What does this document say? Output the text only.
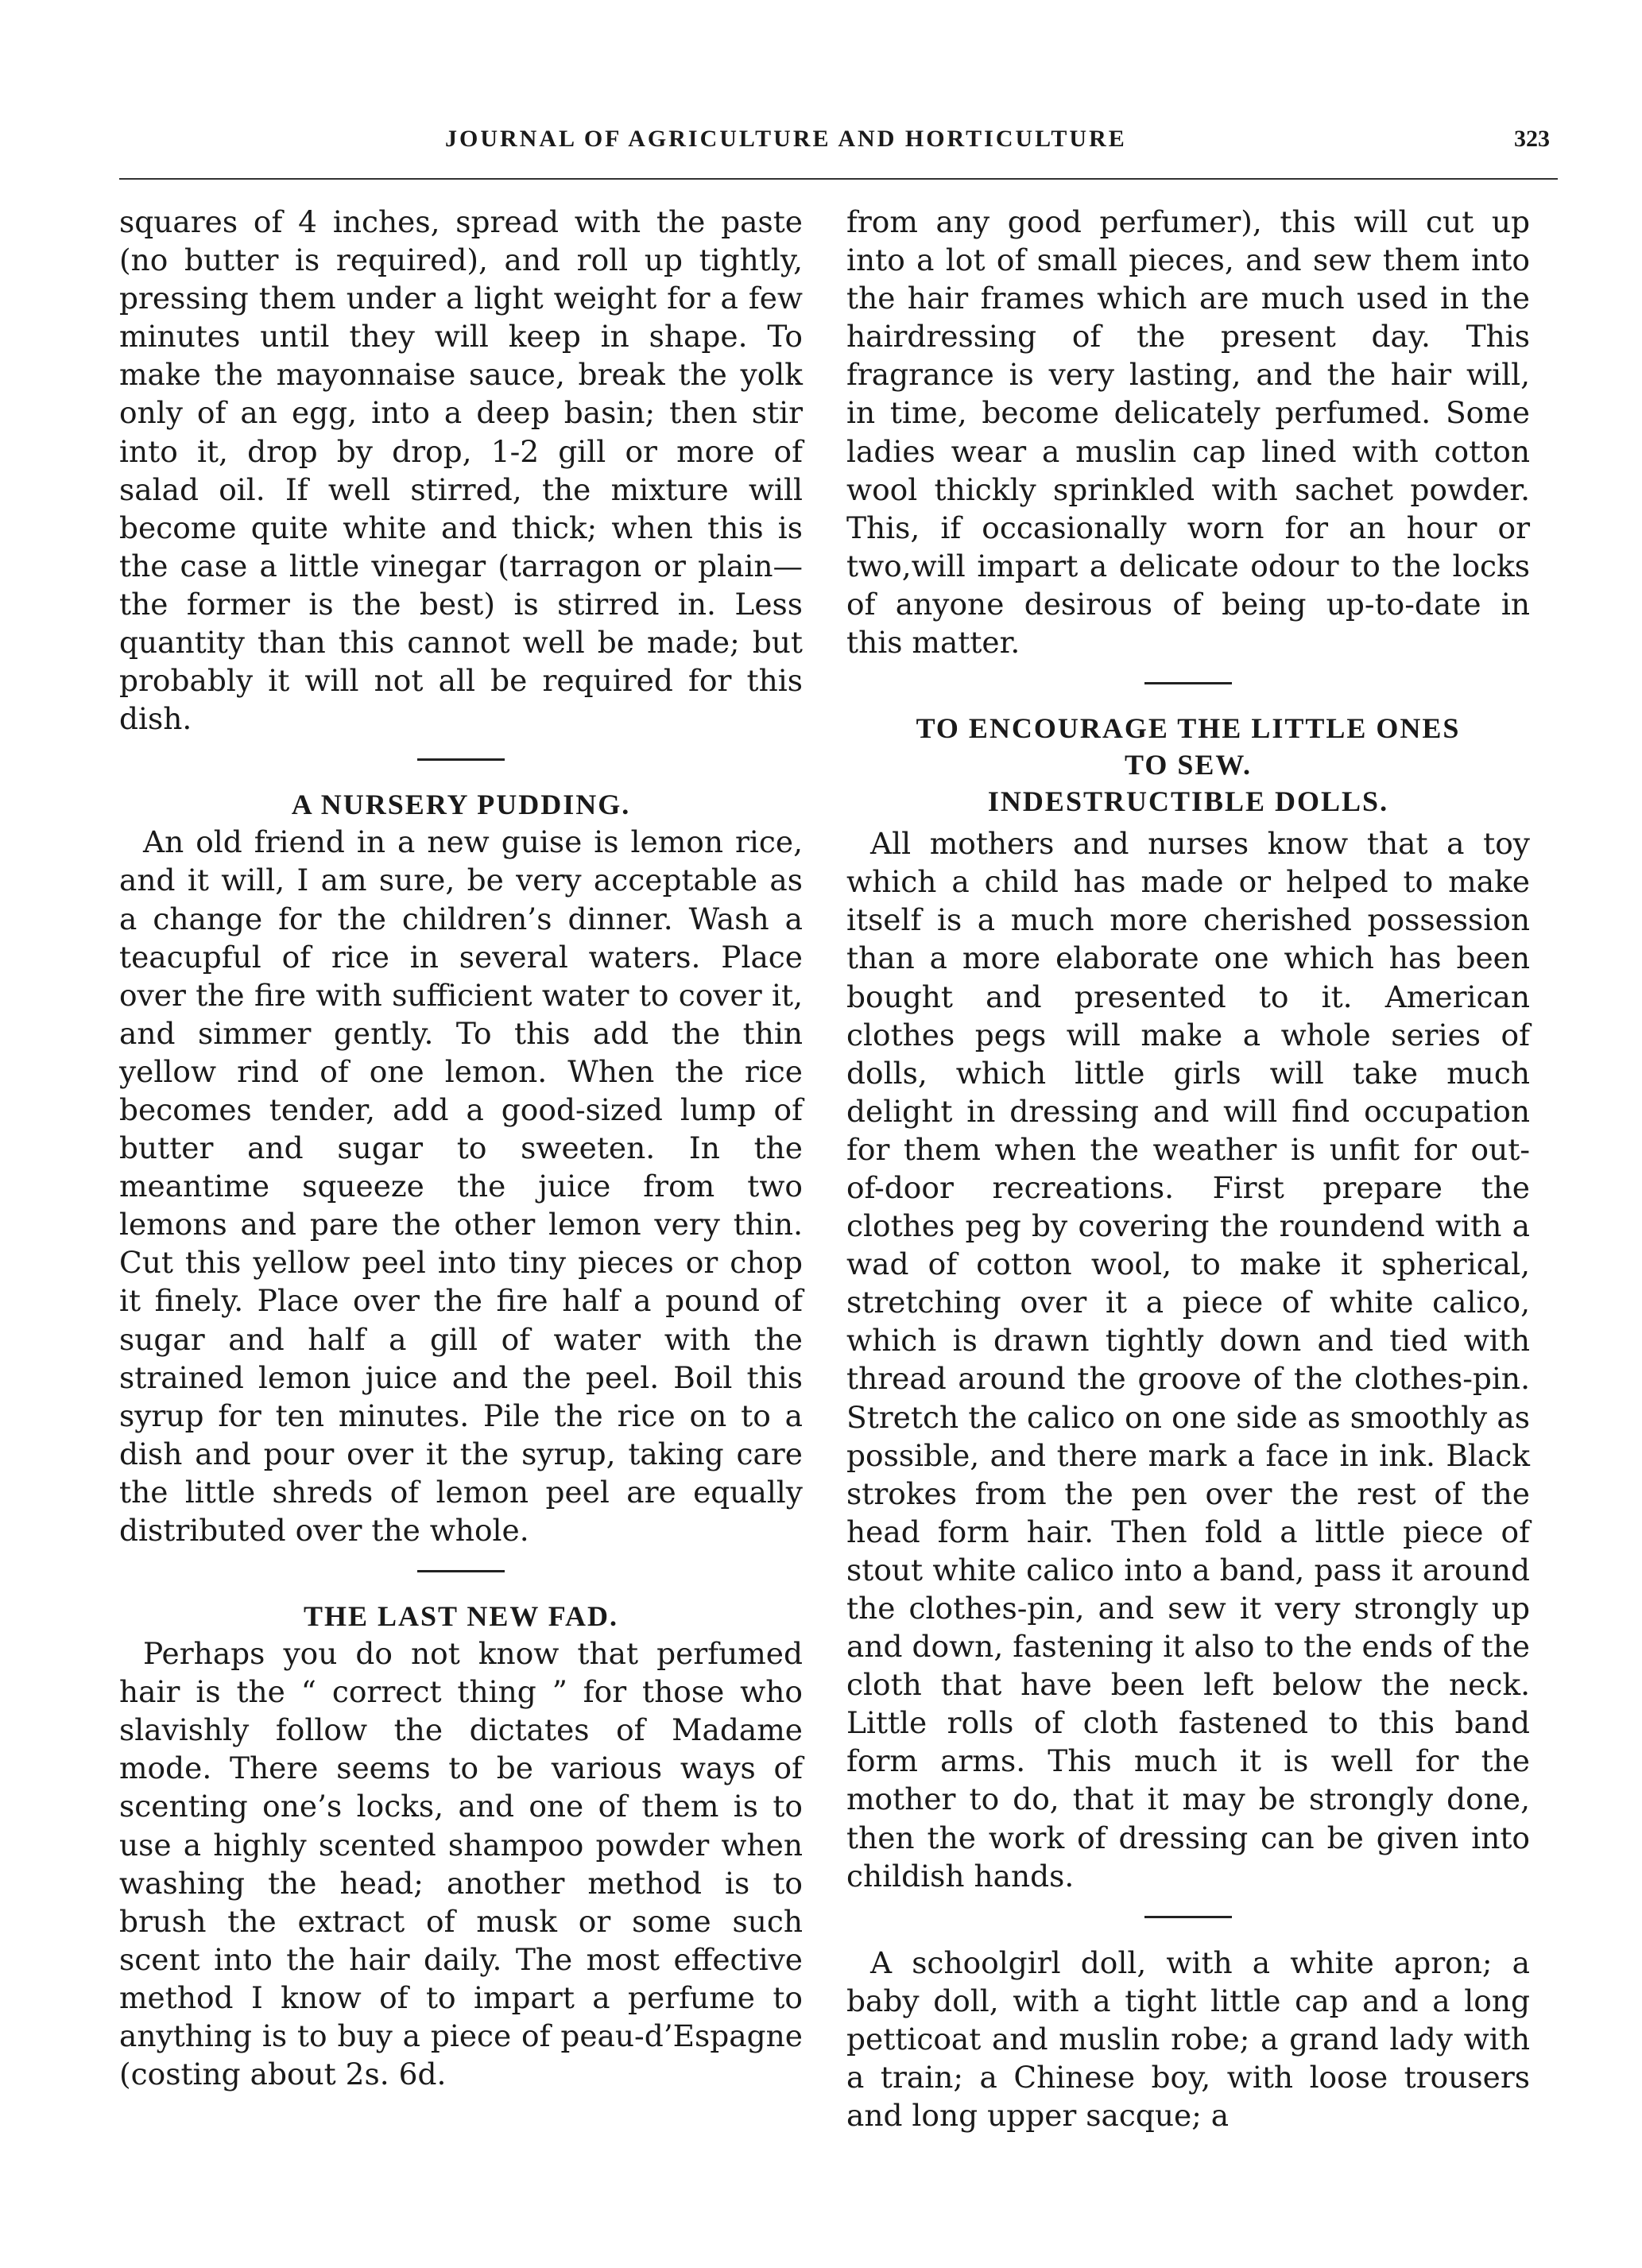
JOURNAL OF AGRICULTURE AND HORTICULTURE	323

squares of 4 inches, spread with the paste (no butter is required), and roll up tightly, pressing them under a light weight for a few minutes until they will keep in shape. To make the mayonnaise sauce, break the yolk only of an egg, into a deep basin; then stir into it, drop by drop, 1-2 gill or more of salad oil. If well stirred, the mixture will become quite white and thick; when this is the case a little vinegar (tarragon or plain—the former is the best) is stirred in. Less quantity than this cannot well be made; but probably it will not all be required for this dish.

A NURSERY PUDDING.

An old friend in a new guise is lemon rice, and it will, I am sure, be very acceptable as a change for the children’s dinner. Wash a teacupful of rice in several waters. Place over the fire with sufficient water to cover it, and simmer gently. To this add the thin yellow rind of one lemon. When the rice becomes tender, add a good-sized lump of butter and sugar to sweeten. In the meantime squeeze the juice from two lemons and pare the other lemon very thin. Cut this yellow peel into tiny pieces or chop it finely. Place over the fire half a pound of sugar and half a gill of water with the strained lemon juice and the peel. Boil this syrup for ten minutes. Pile the rice on to a dish and pour over it the syrup, taking care the little shreds of lemon peel are equally distributed over the whole.

THE LAST NEW FAD.

Perhaps you do not know that perfumed hair is the “ correct thing ” for those who slavishly follow the dictates of Madame mode. There seems to be various ways of scenting one’s locks, and one of them is to use a highly scented shampoo powder when washing the head; another method is to brush the extract of musk or some such scent into the hair daily. The most effective method I know of to impart a perfume to anything is to buy a piece of peau-d’Espagne (costing about 2s. 6d.

from any good perfumer), this will cut up into a lot of small pieces, and sew them into the hair frames which are much used in the hairdressing of the present day. This fragrance is very lasting, and the hair will, in time, become delicately perfumed. Some ladies wear a muslin cap lined with cotton wool thickly sprinkled with sachet powder. This, if occasionally worn for an hour or two,will impart a delicate odour to the locks of anyone desirous of being up-to-date in this matter.

TO ENCOURAGE THE LITTLE ONES
TO SEW.
INDESTRUCTIBLE DOLLS.

All mothers and nurses know that a toy which a child has made or helped to make itself is a much more cherished possession than a more elaborate one which has been bought and presented to it. American clothes pegs will make a whole series of dolls, which little girls will take much delight in dressing and will find occupation for them when the weather is unfit for out-of-door recreations. First prepare the clothes peg by covering the roundend with a wad of cotton wool, to make it spherical, stretching over it a piece of white calico, which is drawn tightly down and tied with thread around the groove of the clothes-pin. Stretch the calico on one side as smoothly as possible, and there mark a face in ink. Black strokes from the pen over the rest of the head form hair. Then fold a little piece of stout white calico into a band, pass it around the clothes-pin, and sew it very strongly up and down, fastening it also to the ends of the cloth that have been left below the neck. Little rolls of cloth fastened to this band form arms. This much it is well for the mother to do, that it may be strongly done, then the work of dressing can be given into childish hands.

A schoolgirl doll, with a white apron; a baby doll, with a tight little cap and a long petticoat and muslin robe; a grand lady with a train; a Chinese boy, with loose trousers and long upper sacque; a
